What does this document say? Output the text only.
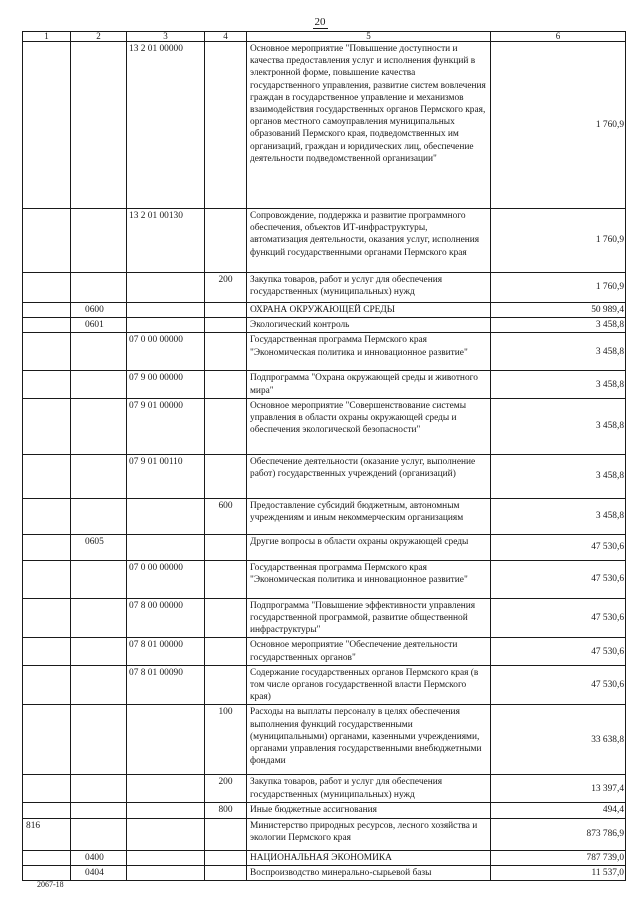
20
1	2	3	4	5	6
		13 2 01 00000		Основное мероприятие "Повышение доступности и качества предоставления услуг и исполнения функций в электронной форме, повышение качества государственного управления, развитие систем вовлечения граждан в государственное управление и механизмов взаимодействия государственных органов Пермского края, органов местного самоуправления муниципальных образований Пермского края, подведомственных им организаций, граждан и юридических лиц, обеспечение деятельности подведомственной организации"	1 760,9
		13 2 01 00130		Сопровождение, поддержка и развитие программного обеспечения, объектов ИТ-инфраструктуры, автоматизация деятельности, оказания услуг, исполнения функций государственными органами Пермского края	1 760,9
			200	Закупка товаров, работ и услуг для обеспечения государственных (муниципальных) нужд	1 760,9
	0600			ОХРАНА ОКРУЖАЮЩЕЙ СРЕДЫ	50 989,4
	0601			Экологический контроль	3 458,8
		07 0 00 00000		Государственная программа Пермского края "Экономическая политика и инновационное развитие"	3 458,8
		07 9 00 00000		Подпрограмма "Охрана окружающей среды и животного мира"	3 458,8
		07 9 01 00000		Основное мероприятие "Совершенствование системы управления в области охраны окружающей среды и обеспечения экологической безопасности"	3 458,8
		07 9 01 00110		Обеспечение деятельности (оказание услуг, выполнение работ) государственных учреждений (организаций)	3 458,8
			600	Предоставление субсидий бюджетным, автономным учреждениям и иным некоммерческим организациям	3 458,8
	0605			Другие вопросы в области охраны окружающей среды	47 530,6
		07 0 00 00000		Государственная программа Пермского края "Экономическая политика и инновационное развитие"	47 530,6
		07 8 00 00000		Подпрограмма "Повышение эффективности управления государственной программой, развитие общественной инфраструктуры"	47 530,6
		07 8 01 00000		Основное мероприятие "Обеспечение деятельности государственных органов"	47 530,6
		07 8 01 00090		Содержание государственных органов Пермского края (в том числе органов государственной власти Пермского края)	47 530,6
			100	Расходы на выплаты персоналу в целях обеспечения выполнения функций государственными (муниципальными) органами, казенными учреждениями, органами управления государственными внебюджетными фондами	33 638,8
			200	Закупка товаров, работ и услуг для обеспечения государственных (муниципальных) нужд	13 397,4
			800	Иные бюджетные ассигнования	494,4
816				Министерство природных ресурсов, лесного хозяйства и экологии Пермского края	873 786,9
	0400			НАЦИОНАЛЬНАЯ ЭКОНОМИКА	787 739,0
	0404			Воспроизводство минерально-сырьевой базы	11 537,0
2067-18
